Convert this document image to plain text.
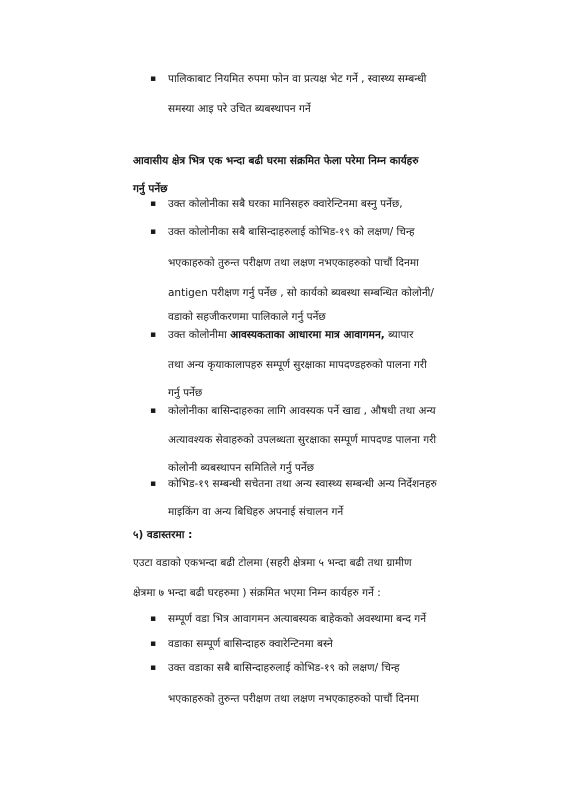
▪ पालिकाबाट नियमित रुपमा फोन वा प्रत्यक्ष भेट गर्ने , स्वास्थ्य सम्बन्धी
समस्या आइ परे उचित ब्यबस्थापन गर्ने
आवासीय क्षेत्र भित्र एक भन्दा बढी घरमा संक्रमित फेला परेमा निम्न कार्यहरु
गर्नु पर्नेछ
▪ उक्त कोलोनीका सबै घरका मानिसहरु क्वारेन्टिनमा बस्नु पर्नेछ,
▪ उक्त कोलोनीका सबै बासिन्दाहरुलाई कोभिड-१९ को लक्षण/ चिन्ह
भएकाहरुको तुरुन्त परीक्षण तथा लक्षण नभएकाहरुको पाचौं दिनमा
antigen परीक्षण गर्नु पर्नेछ , सो कार्यको ब्यबस्था सम्बन्धित कोलोनी/
वडाको सहजीकरणमा पालिकाले गर्नु पर्नेछ
▪ उक्त कोलोनीमा आवस्यकताका आधारमा मात्र आवागमन, ब्यापार
तथा अन्य कृयाकालापहरु सम्पूर्ण सुरक्षाका मापदण्डहरुको पालना गरी
गर्नु पर्नेछ
▪ कोलोनीका बासिन्दाहरुका लागि आवस्यक पर्ने खाद्य , औषधी तथा अन्य
अत्यावश्यक सेवाहरुको उपलब्धता सुरक्षाका सम्पूर्ण मापदण्ड पालना गरी
कोलोनी ब्यबस्थापन समितिले गर्नु पर्नेछ
▪ कोभिड-१९ सम्बन्धी सचेतना तथा अन्य स्वास्थ्य सम्बन्धी अन्य निर्देशनहरु
माइकिंग वा अन्य बिधिहरु अपनाई संचालन गर्ने
५) वडास्तरमा :
एउटा वडाको एकभन्दा बढी टोलमा (सहरी क्षेत्रमा ५ भन्दा बढी तथा ग्रामीण
क्षेत्रमा ७ भन्दा बढी घरहरुमा ) संक्रमित भएमा निम्न कार्यहरु गर्ने :
▪ सम्पूर्ण वडा भित्र आवागमन अत्याबस्यक बाहेकको अवस्थामा बन्द गर्ने
▪ वडाका सम्पूर्ण बासिन्दाहरु क्वारेन्टिनमा बस्ने
▪ उक्त वडाका सबै बासिन्दाहरुलाई कोभिड-१९ को लक्षण/ चिन्ह
भएकाहरुको तुरुन्त परीक्षण तथा लक्षण नभएकाहरुको पाचौं दिनमा
